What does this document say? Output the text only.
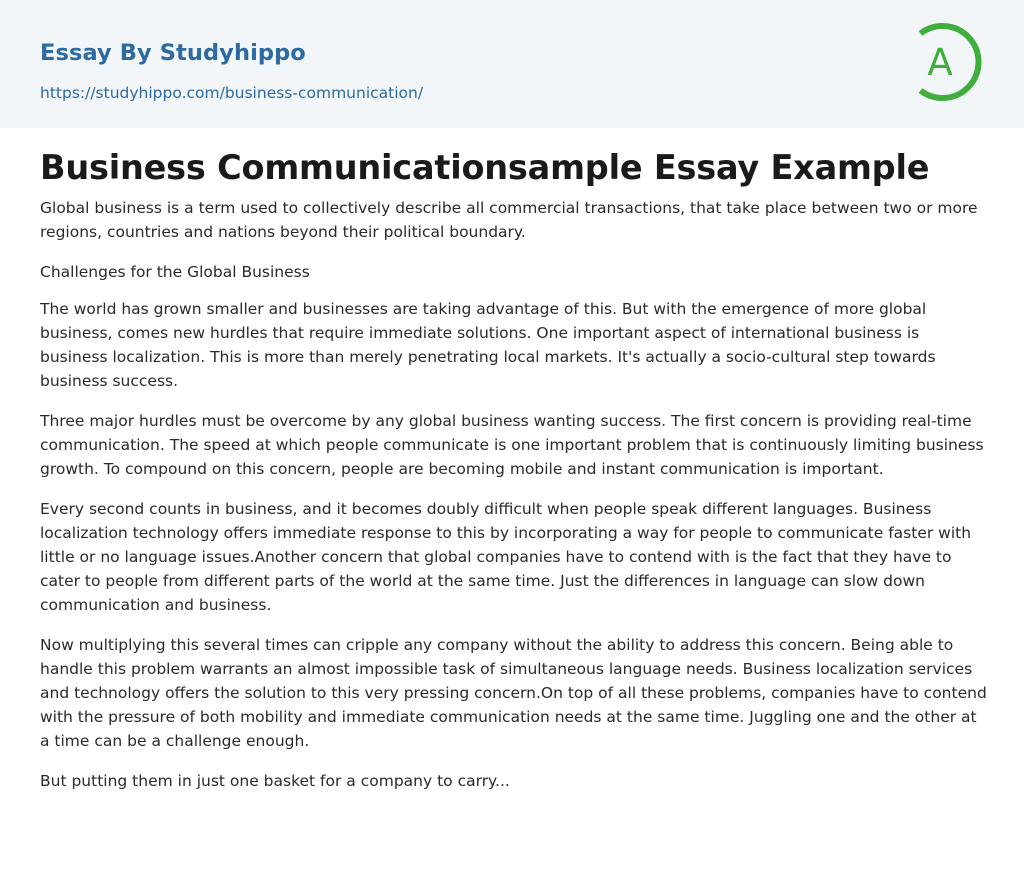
Essay By Studyhippo
https://studyhippo.com/business-communication/
A
Business Communicationsample Essay Example

Global business is a term used to collectively describe all commercial transactions, that take place between two or more regions, countries and nations beyond their political boundary.

Challenges for the Global Business

The world has grown smaller and businesses are taking advantage of this. But with the emergence of more global business, comes new hurdles that require immediate solutions. One important aspect of international business is business localization. This is more than merely penetrating local markets. It's actually a socio-cultural step towards business success.

Three major hurdles must be overcome by any global business wanting success. The first concern is providing real-time communication. The speed at which people communicate is one important problem that is continuously limiting business growth. To compound on this concern, people are becoming mobile and instant communication is important.

Every second counts in business, and it becomes doubly difficult when people speak different languages. Business localization technology offers immediate response to this by incorporating a way for people to communicate faster with little or no language issues.Another concern that global companies have to contend with is the fact that they have to cater to people from different parts of the world at the same time. Just the differences in language can slow down communication and business.

Now multiplying this several times can cripple any company without the ability to address this concern. Being able to handle this problem warrants an almost impossible task of simultaneous language needs. Business localization services and technology offers the solution to this very pressing concern.On top of all these problems, companies have to contend with the pressure of both mobility and immediate communication needs at the same time. Juggling one and the other at a time can be a challenge enough.

But putting them in just one basket for a company to carry...
